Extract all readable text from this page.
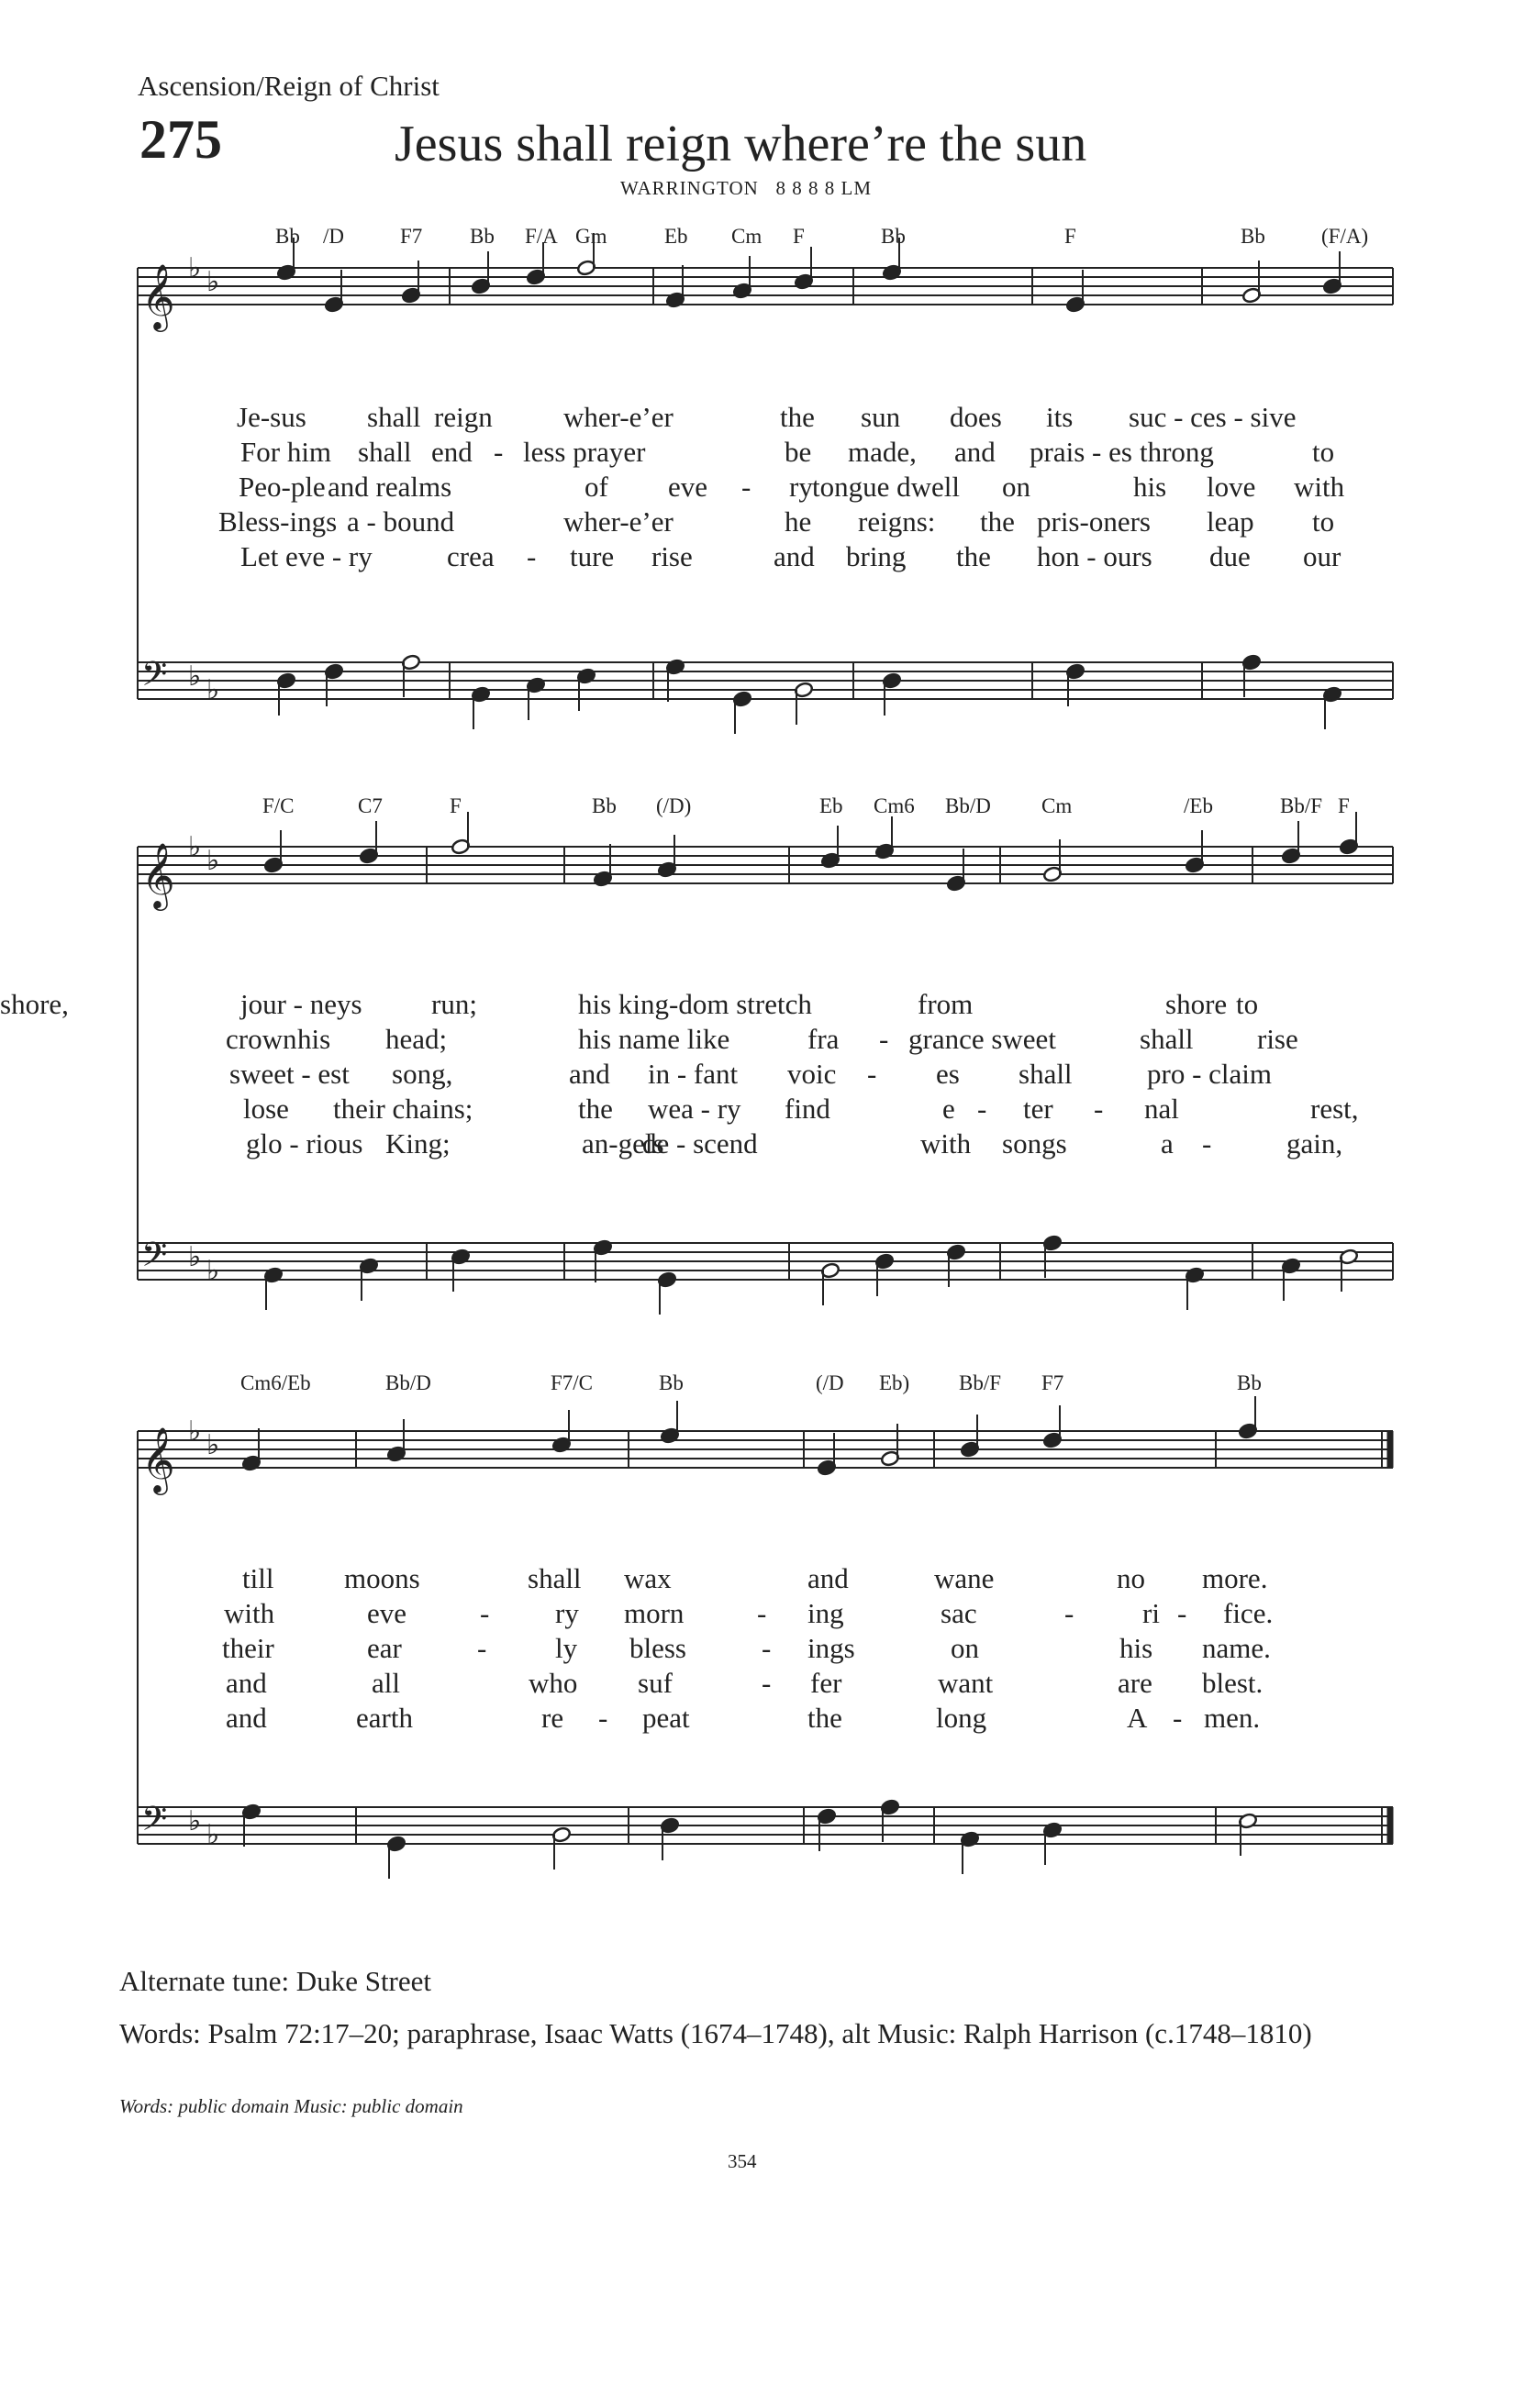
Ascension/Reign of Christ
275	Jesus shall reign where’re the sun
WARRINGTON 8 8 8 8 LM
Bb /D	F7 Bb F/A Gm	Eb Cm F	Bb	F	Bb	(F/A)
𝄞 ♭ ♭
𝄢 ♭ ♭
Je-sus shall reign wher-e’er	the sun does its suc - ces - sive
For him shall end - less prayer	be made, and prais - es throng	to
Peo-ple and realms	of eve - ry tongue dwell on	his love with
Bless-ings a - bound	wher-e’er	he reigns: the pris-oners leap to
Let eve - ry	crea - ture rise	and bring the hon - ours due our
F/C	C7	F	Bb (/D)	Eb Cm6 Bb/D Cm	/Eb	Bb/F F
𝄞 ♭ ♭
𝄢 ♭ ♭
jour - neys run;	his king-dom stretch	from	shore to
shore,
crown his head;	his name like	fra - grance sweet	shall rise
sweet - est song,	and in - fant voic - es shall	pro - claim
lose their chains;	the wea - ry find	e - ter - nal	rest,
glo - rious King;	an-gels
de - scend	with songs	a -	gain,
Cm6/Eb	Bb/D	F7/C	Bb	(/D Eb) Bb/F F7	Bb
𝄞 ♭ ♭
𝄢 ♭ ♭
till moons	shall wax	and	wane	no more.
with	eve	- ry morn	- ing	sac	- ri - fice.
their	ear	- ly bless	- ings	on	his name.
and	all	who suf	- fer	want	are blest.
and	earth	re - peat	the	long	A - men.
Alternate tune: Duke Street
Words: Psalm 72:17–20; paraphrase, Isaac Watts (1674–1748), alt Music: Ralph Harrison (c.1748–1810)
Words: public domain Music: public domain
354
